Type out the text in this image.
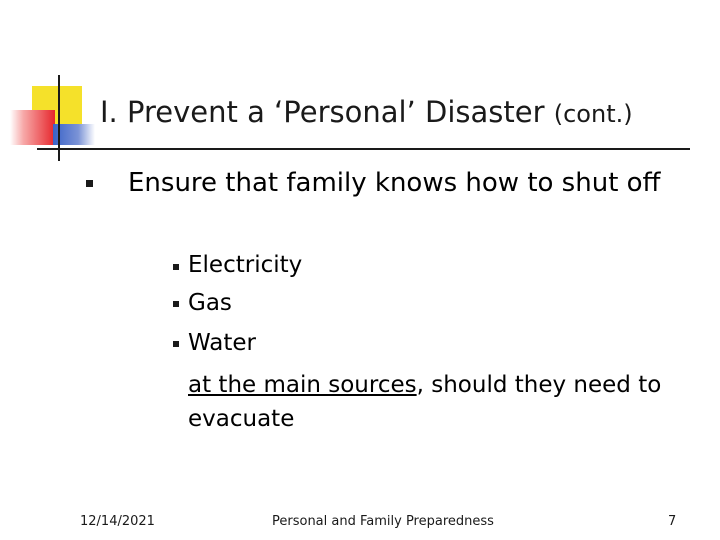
I. Prevent a ‘Personal’ Disaster (cont.)

Ensure that family knows how to shut off

Electricity
Gas
Water

at the main sources, should they need to evacuate

12/14/2021	Personal and Family Preparedness	7
